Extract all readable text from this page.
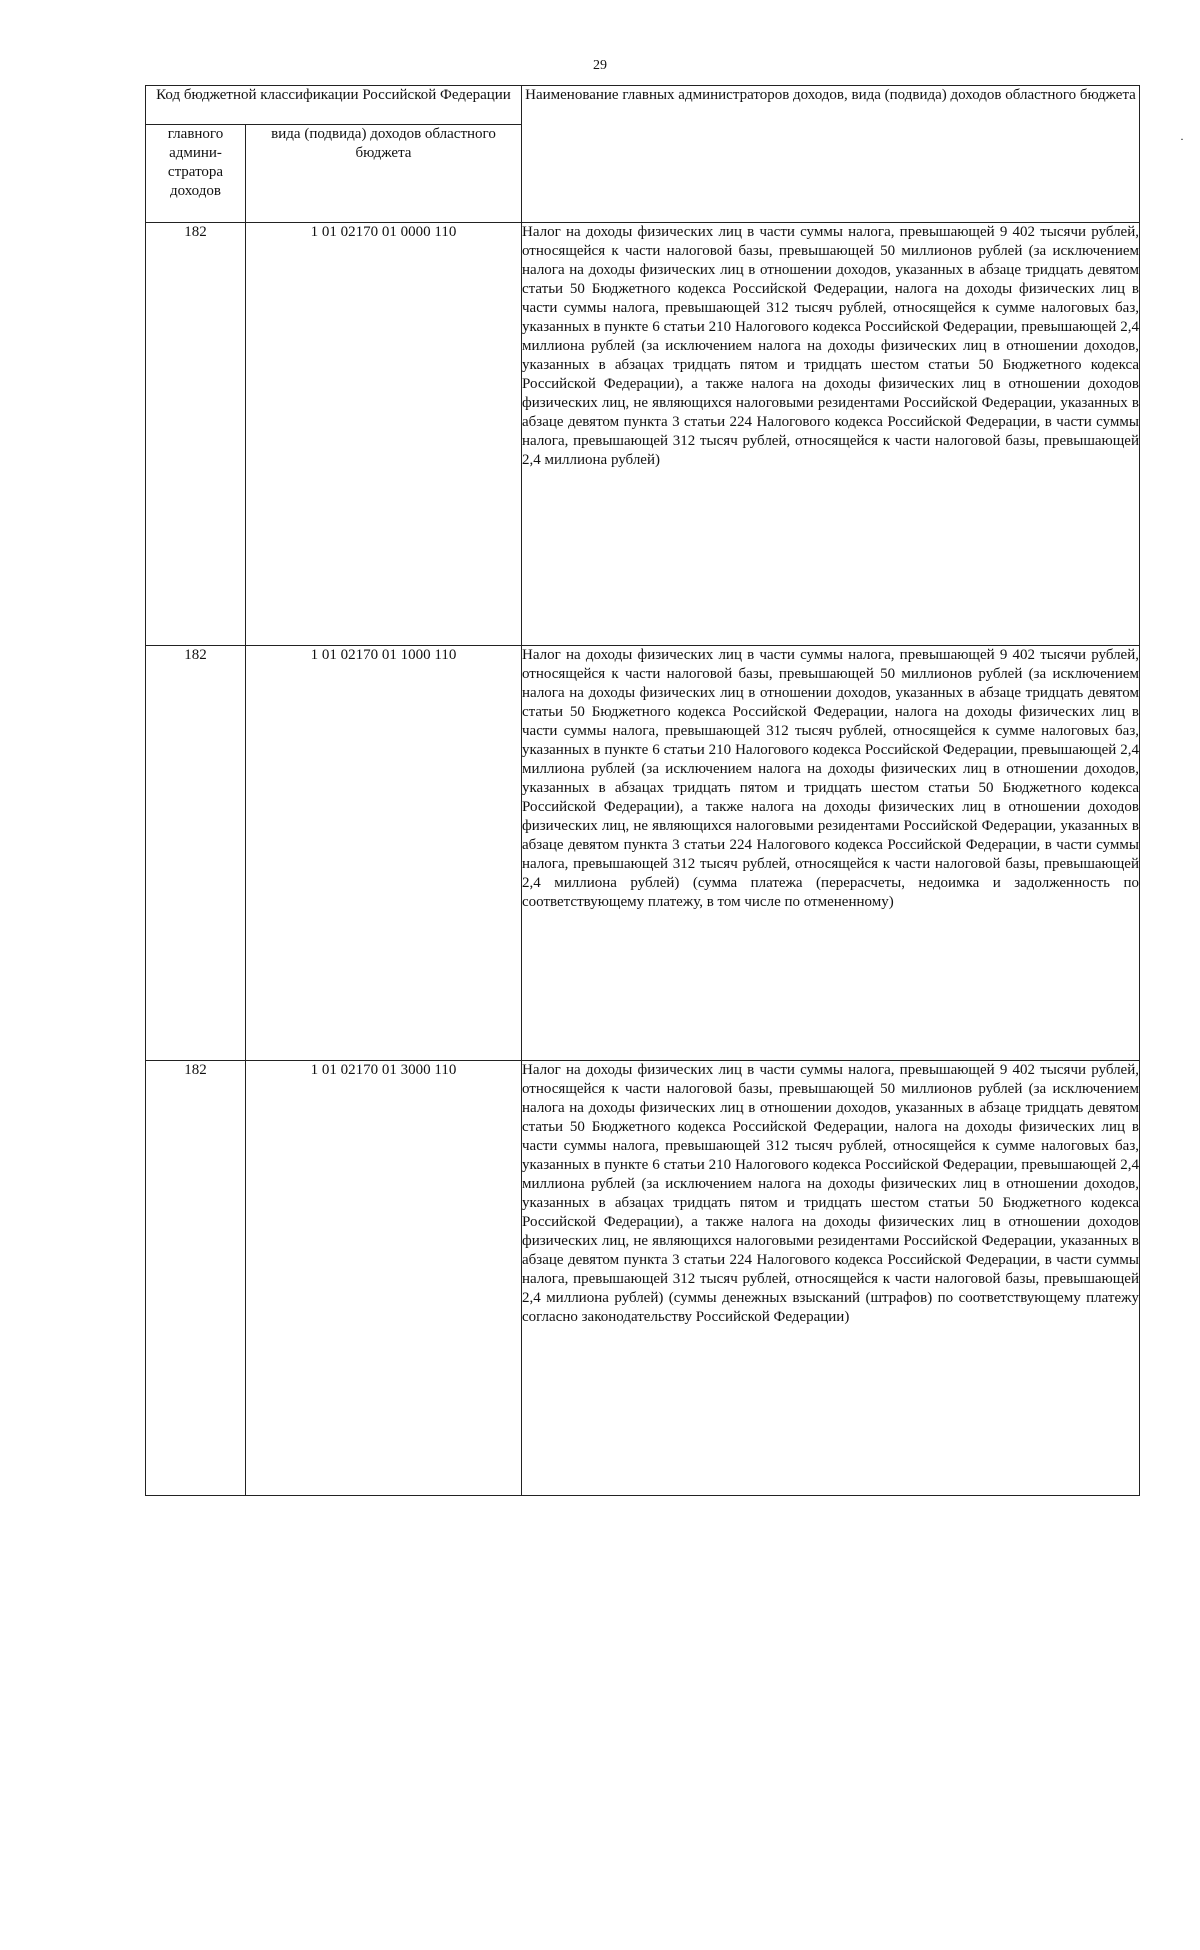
29
·
Код бюджетной классификации Российской Федерации		Наименование главных администраторов доходов, вида (подвида) доходов областного бюджета
главного админи-стратора доходов	вида (подвида) доходов областного бюджета	
182	1 01 02170 01 0000 110	Налог на доходы физических лиц в части суммы налога, превышающей 9 402 тысячи рублей, относящейся к части налоговой базы, превышающей 50 миллионов рублей (за исключением налога на доходы физических лиц в отношении доходов, указанных в абзаце тридцать девятом статьи 50 Бюджетного кодекса Российской Федерации, налога на доходы физических лиц в части суммы налога, превышающей 312 тысяч рублей, относящейся к сумме налоговых баз, указанных в пункте 6 статьи 210 Налогового кодекса Российской Федерации, превышающей 2,4 миллиона рублей (за исключением налога на доходы физических лиц в отношении доходов, указанных в абзацах тридцать пятом и тридцать шестом статьи 50 Бюджетного кодекса Российской Федерации), а также налога на доходы физических лиц в отношении доходов физических лиц, не являющихся налоговыми резидентами Российской Федерации, указанных в абзаце девятом пункта 3 статьи 224 Налогового кодекса Российской Федерации, в части суммы налога, превышающей 312 тысяч рублей, относящейся к части налоговой базы, превышающей 2,4 миллиона рублей)
182	1 01 02170 01 1000 110	Налог на доходы физических лиц в части суммы налога, превышающей 9 402 тысячи рублей, относящейся к части налоговой базы, превышающей 50 миллионов рублей (за исключением налога на доходы физических лиц в отношении доходов, указанных в абзаце тридцать девятом статьи 50 Бюджетного кодекса Российской Федерации, налога на доходы физических лиц в части суммы налога, превышающей 312 тысяч рублей, относящейся к сумме налоговых баз, указанных в пункте 6 статьи 210 Налогового кодекса Российской Федерации, превышающей 2,4 миллиона рублей (за исключением налога на доходы физических лиц в отношении доходов, указанных в абзацах тридцать пятом и тридцать шестом статьи 50 Бюджетного кодекса Российской Федерации), а также налога на доходы физических лиц в отношении доходов физических лиц, не являющихся налоговыми резидентами Российской Федерации, указанных в абзаце девятом пункта 3 статьи 224 Налогового кодекса Российской Федерации, в части суммы налога, превышающей 312 тысяч рублей, относящейся к части налоговой базы, превышающей 2,4 миллиона рублей) (сумма платежа (перерасчеты, недоимка и задолженность по соответствующему платежу, в том числе по отмененному)
182	1 01 02170 01 3000 110	Налог на доходы физических лиц в части суммы налога, превышающей 9 402 тысячи рублей, относящейся к части налоговой базы, превышающей 50 миллионов рублей (за исключением налога на доходы физических лиц в отношении доходов, указанных в абзаце тридцать девятом статьи 50 Бюджетного кодекса Российской Федерации, налога на доходы физических лиц в части суммы налога, превышающей 312 тысяч рублей, относящейся к сумме налоговых баз, указанных в пункте 6 статьи 210 Налогового кодекса Российской Федерации, превышающей 2,4 миллиона рублей (за исключением налога на доходы физических лиц в отношении доходов, указанных в абзацах тридцать пятом и тридцать шестом статьи 50 Бюджетного кодекса Российской Федерации), а также налога на доходы физических лиц в отношении доходов физических лиц, не являющихся налоговыми резидентами Российской Федерации, указанных в абзаце девятом пункта 3 статьи 224 Налогового кодекса Российской Федерации, в части суммы налога, превышающей 312 тысяч рублей, относящейся к части налоговой базы, превышающей 2,4 миллиона рублей) (суммы денежных взысканий (штрафов) по соответствующему платежу согласно законодательству Российской Федерации)
